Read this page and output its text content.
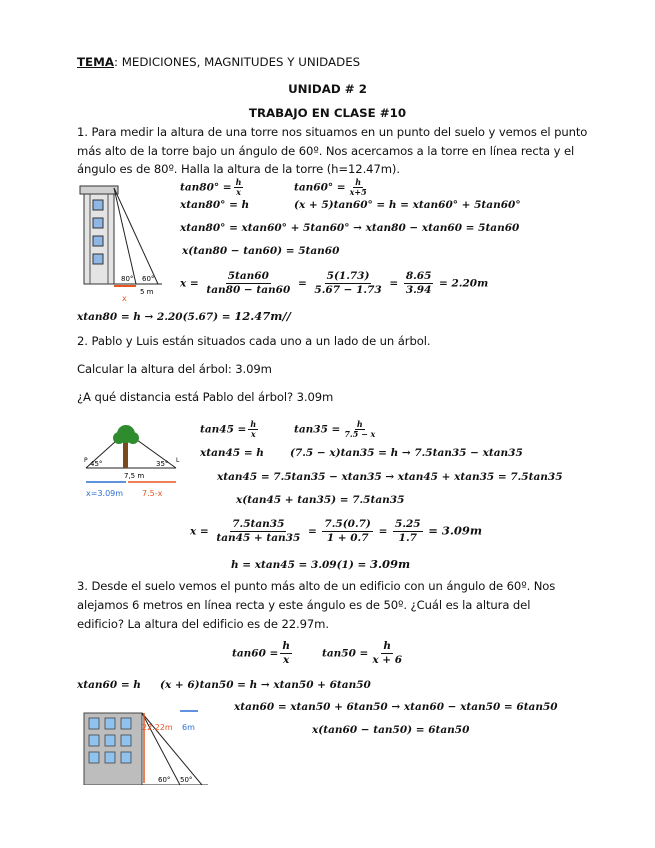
TEMA: MEDICIONES, MAGNITUDES Y UNIDADES
UNIDAD # 2
TRABAJO EN CLASE #10
1. Para medir la altura de una torre nos situamos en un punto del suelo y vemos el punto
más alto de la torre bajo un ángulo de 60º. Nos acercamos a la torre en línea recta y el
ángulo es de 80º. Halla la altura de la torre (h=12.47m).
80° 60°
5 m
x
$\tan 80^\circ = \frac{h}{x}$	$\tan 60^\circ = \frac{h}{x+5}$
xtan80° = h	(x + 5)tan60° = h = xtan60° + 5tan60°
xtan80° = xtan60° + 5tan60° → xtan80 − xtan60 = 5tan60
x(tan80 − tan60) = 5tan60
$x = \frac{5\tan 60}{\tan 80 - \tan 60} = \frac{5(1.73)}{5.67 - 1.73} = \frac{8.65}{3.94} = 2.20m$
xtan80 = h → 2.20(5.67) = 12.47m//
2. Pablo y Luis están situados cada uno a un lado de un árbol.
Calcular la altura del árbol: 3.09m
¿A qué distancia está Pablo del árbol? 3.09m
45°	35°
P	L
7,5 m
x=3.09m 7.5-x
$\tan 45 = \frac{h}{x}$	$\tan 35 = \frac{h}{7.5 - x}$
xtan45 = h (7.5 − x)tan35 = h → 7.5tan35 − xtan35
xtan45 = 7.5tan35 − xtan35 → xtan45 + xtan35 = 7.5tan35
x(tan45 + tan35) = 7.5tan35
$x = \frac{7.5\tan 35}{\tan 45 + \tan 35} = \frac{7.5(0.7)}{1 + 0.7} = \frac{5.25}{1.7} = 3.09m$
h = xtan45 = 3.09(1) = 3.09m
3. Desde el suelo vemos el punto más alto de un edificio con un ángulo de 60º. Nos
alejamos 6 metros en línea recta y este ángulo es de 50º. ¿Cuál es la altura del
edificio? La altura del edificio es de 22.97m.
$\tan 60 = \frac{h}{x}$	$\tan 50 = \frac{h}{x + 6}$
xtan60 = h (x + 6)tan50 = h → xtan50 + 6tan50
xtan60 = xtan50 + 6tan50 → xtan60 − xtan50 = 6tan50
x(tan60 − tan50) = 6tan50
22.22m 6m
60° 50°
